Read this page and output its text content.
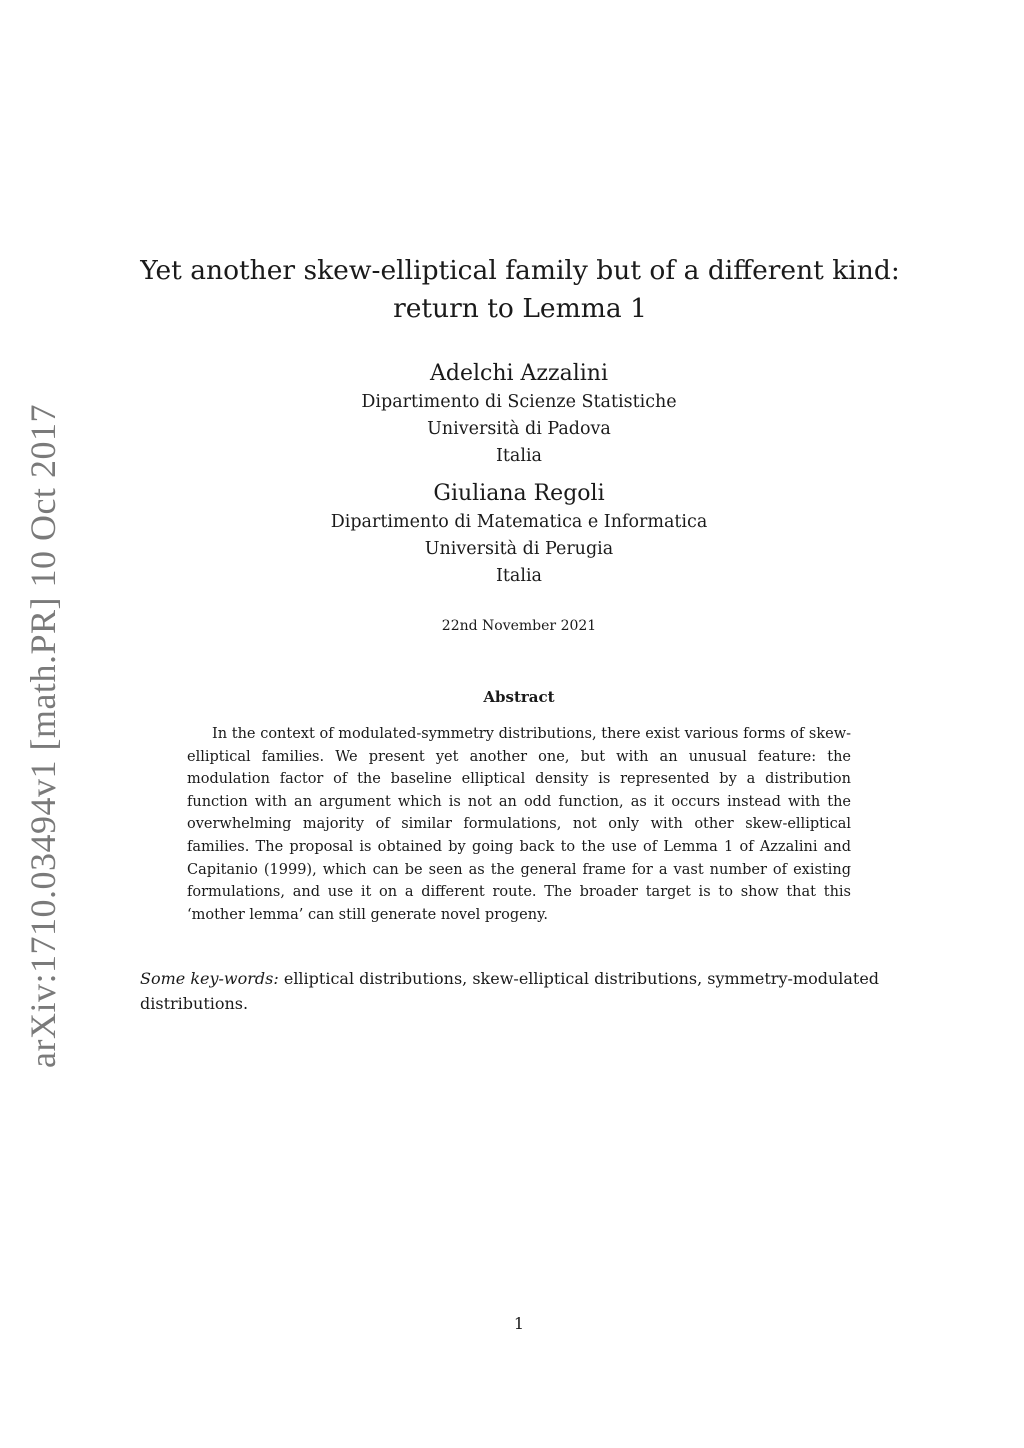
arXiv:1710.03494v1 [math.PR] 10 Oct 2017
Yet another skew-elliptical family but of a different kind:
return to Lemma 1
Adelchi Azzalini
Dipartimento di Scienze Statistiche
Università di Padova
Italia
Giuliana Regoli
Dipartimento di Matematica e Informatica
Università di Perugia
Italia
22nd November 2021
Abstract
In the context of modulated-symmetry distributions, there exist various forms of skew-elliptical families. We present yet another one, but with an unusual feature: the modulation factor of the baseline elliptical density is represented by a distribution function with an argument which is not an odd function, as it occurs instead with the overwhelming majority of similar formulations, not only with other skew-elliptical families. The proposal is obtained by going back to the use of Lemma 1 of Azzalini and Capitanio (1999), which can be seen as the general frame for a vast number of existing formulations, and use it on a different route. The broader target is to show that this ‘mother lemma’ can still generate novel progeny.
Some key-words: elliptical distributions, skew-elliptical distributions, symmetry-modulated distributions.
1
